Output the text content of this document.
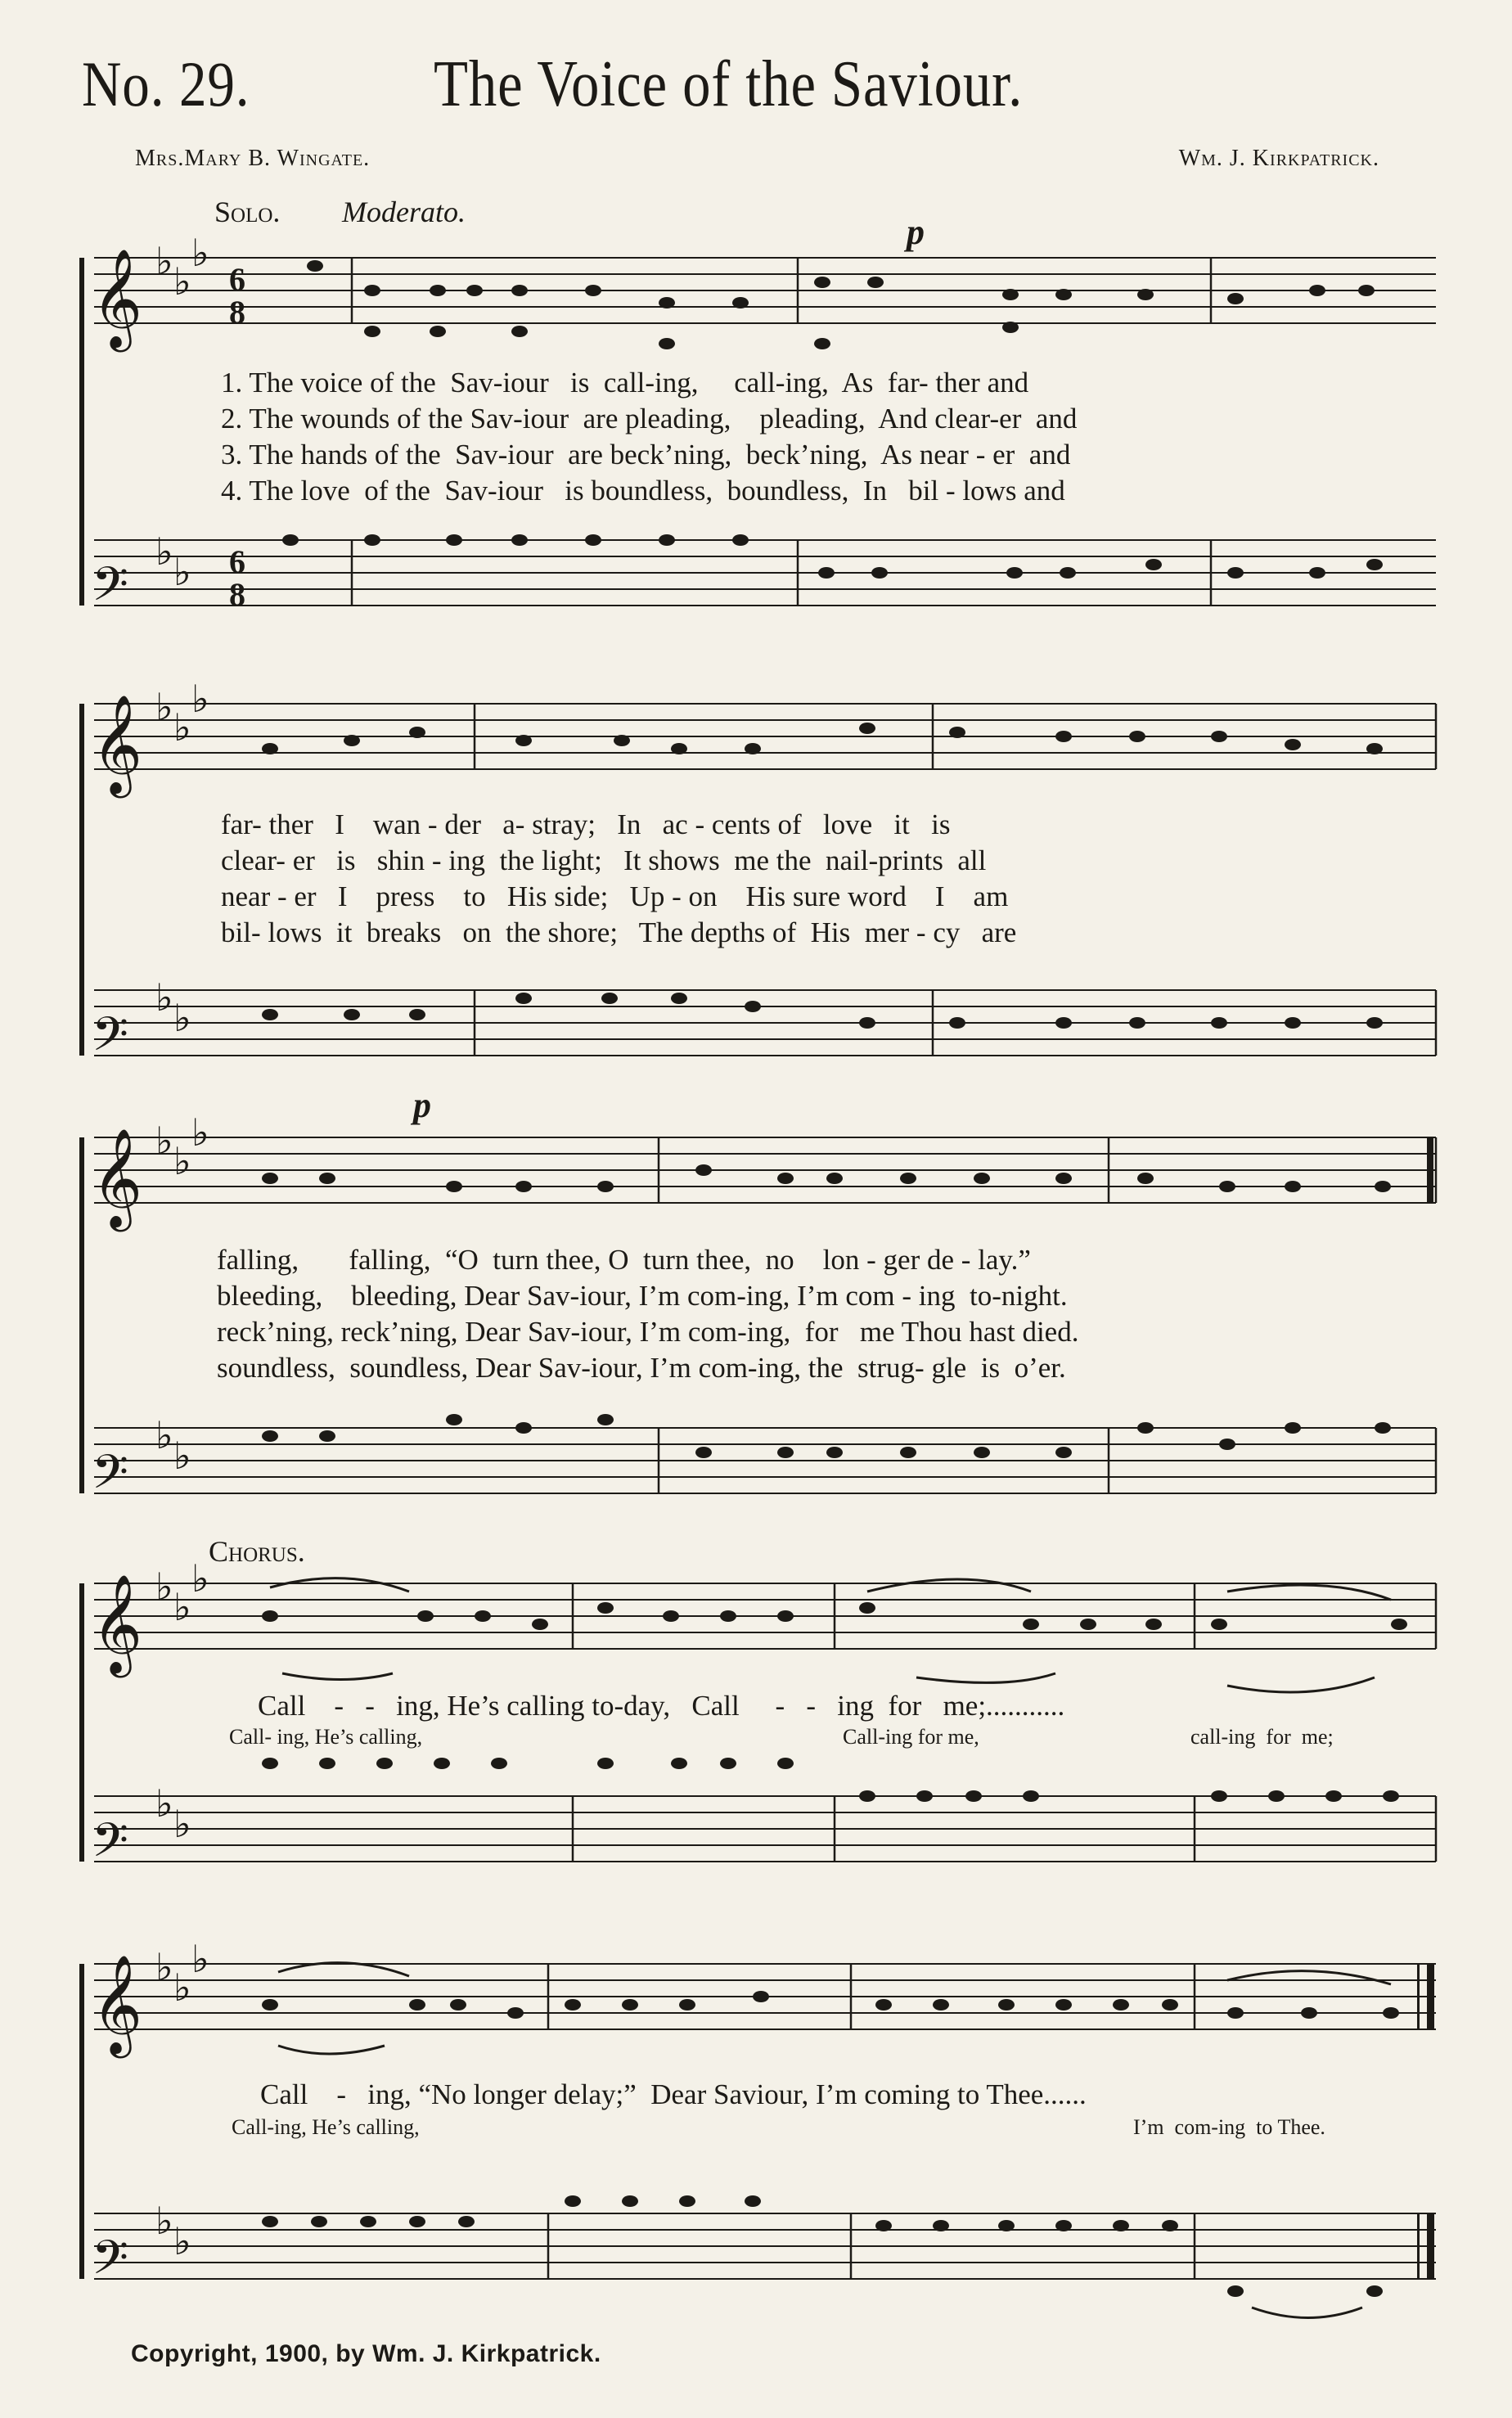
No. 29.	The Voice of the Saviour.
Mrs.Mary B. Wingate.	Wm. J. Kirkpatrick.
Solo. Moderato.
𝄞
𝄢
𝄞
𝄢
𝄞
𝄢
𝄞
𝄢
𝄞
𝄢
♭ ♭
♭
♭ ♭
♭ ♭
♭
♭ ♭
♭ ♭
♭
♭ ♭
♭ ♭
♭
♭ ♭
♭ ♭
♭
♭ ♭
6
8
6
8
p
p
1. The voice of the  Sav-iour   is  call-ing,     call-ing,  As  far- ther and
2. The wounds of the Sav-iour  are pleading,    pleading,  And clear-er  and
3. The hands of the  Sav-iour  are beck’ning,  beck’ning,  As near - er  and
4. The love  of the  Sav-iour   is boundless,  boundless,  In   bil - lows and
far- ther   I    wan - der   a- stray;   In   ac - cents of   love   it   is
clear- er   is   shin - ing  the light;   It shows  me the  nail-prints  all
near - er   I    press    to   His side;   Up - on    His sure word    I    am
bil- lows  it  breaks   on  the shore;   The depths of  His  mer - cy   are
falling,       falling,  “O  turn thee, O  turn thee,  no    lon - ger de - lay.”
bleeding,    bleeding, Dear Sav-iour, I’m com-ing, I’m com - ing  to-night.
reck’ning, reck’ning, Dear Sav-iour, I’m com-ing,  for   me Thou hast died.
soundless,  soundless, Dear Sav-iour, I’m com-ing, the  strug- gle  is  o’er.
Chorus.
Call    -   -   ing, He’s calling to-day,   Call     -   -   ing  for   me;...........
Call- ing, He’s calling,	Call-ing for me,	call-ing  for  me;
Call    -   ing, “No longer delay;”  Dear Saviour, I’m coming to Thee......
Call-ing, He’s calling,	I’m  com-ing  to Thee.
Copyright, 1900, by Wm. J. Kirkpatrick.
